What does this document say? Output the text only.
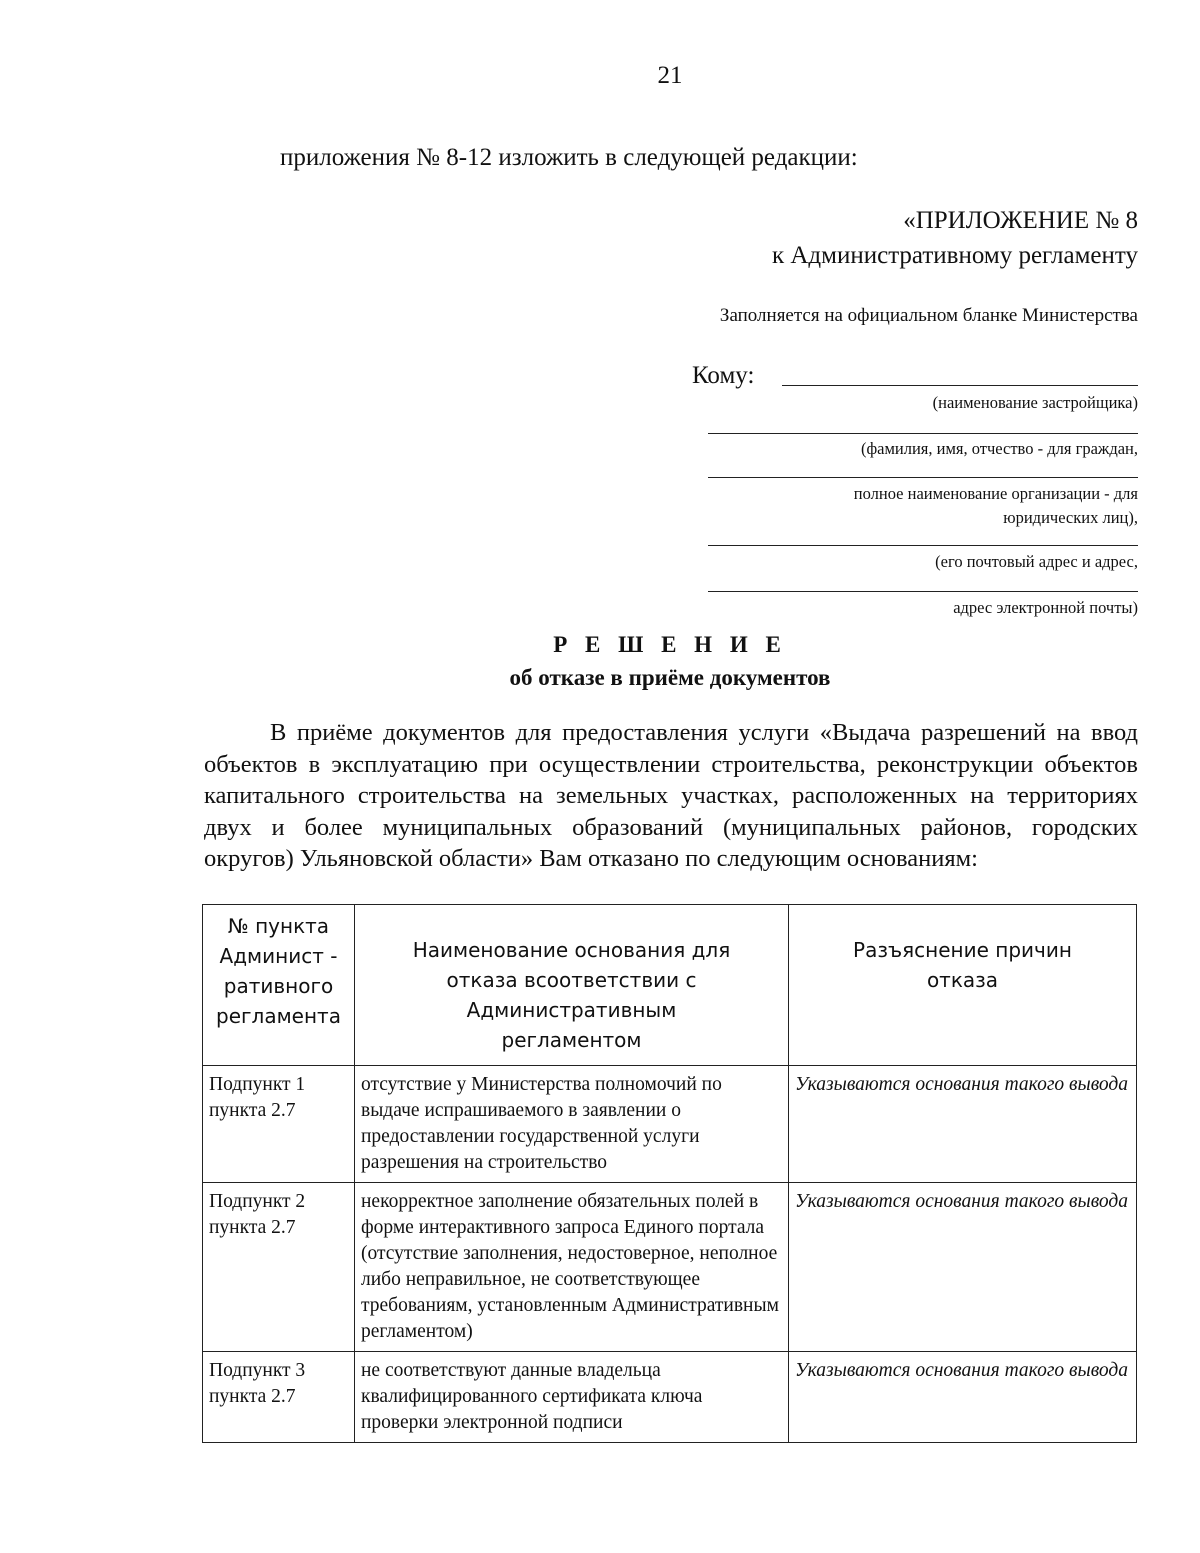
21

приложения № 8-12 изложить в следующей редакции:

«ПРИЛОЖЕНИЕ № 8

к Административному регламенту

Заполняется на официальном бланке Министерства

Кому:

(наименование застройщика)
(фамилия, имя, отчество - для граждан,
полное наименование организации - для
юридических лиц),
(его почтовый адрес и адрес,
адрес электронной почты)

Р Е Ш Е Н И Е

об отказе в приёме документов

В приёме документов для предоставления услуги «Выдача разрешений на ввод объектов в эксплуатацию при осуществлении строительства, реконструкции объектов капитального строительства на земельных участках, расположенных на территориях двух и более муниципальных образований (муниципальных районов, городских округов) Ульяновской области» Вам отказано по следующим основаниям:

№ пункта Админист - ративного регламента	Наименование основания для отказа всоответствии с Административным регламентом	Разъяснение причин отказа
Подпункт 1 пункта 2.7	отсутствие у Министерства полномочий по выдаче испрашиваемого в заявлении о предоставлении государственной услуги разрешения на строительство	Указываются основания такого вывода
Подпункт 2 пункта 2.7	некорректное заполнение обязательных полей в форме интерактивного запроса Единого портала (отсутствие заполнения, недостоверное, неполное либо неправильное, не соответствующее требованиям, установленным Административным регламентом)	Указываются основания такого вывода
Подпункт 3 пункта 2.7	не соответствуют данные владельца квалифицированного сертификата ключа проверки электронной подписи	Указываются основания такого вывода
